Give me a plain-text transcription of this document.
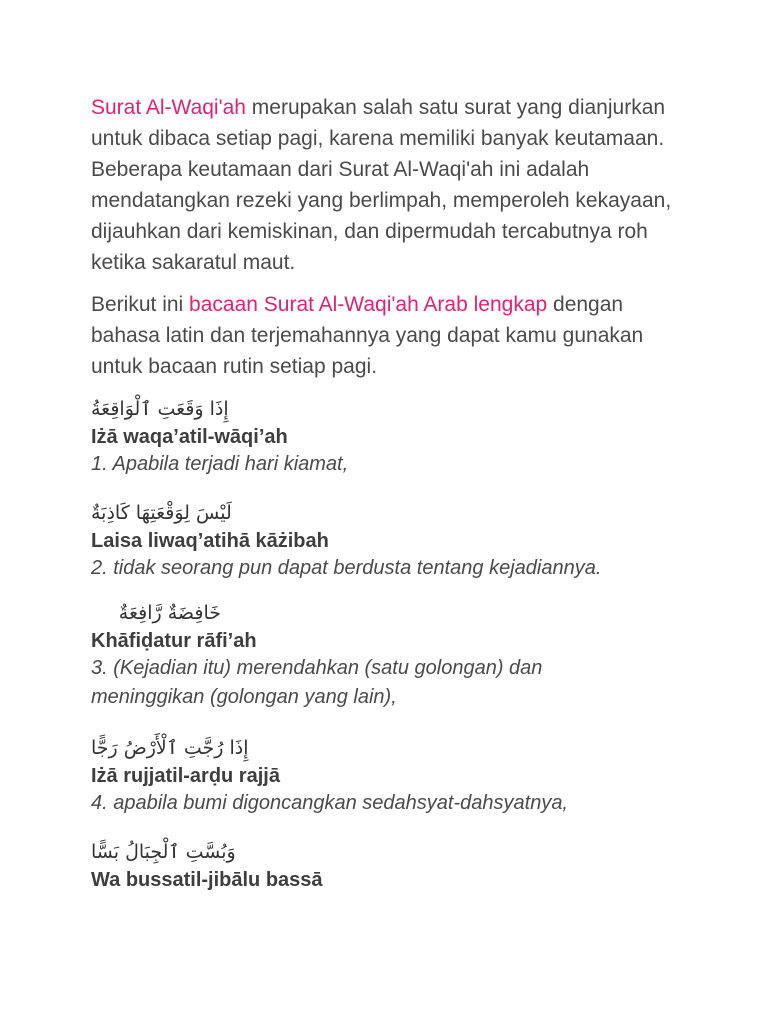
Surat Al-Waqi'ah merupakan salah satu surat yang dianjurkan untuk dibaca setiap pagi, karena memiliki banyak keutamaan. Beberapa keutamaan dari Surat Al-Waqi'ah ini adalah mendatangkan rezeki yang berlimpah, memperoleh kekayaan, dijauhkan dari kemiskinan, dan dipermudah tercabutnya roh ketika sakaratul maut.

Berikut ini bacaan Surat Al-Waqi'ah Arab lengkap dengan bahasa latin dan terjemahannya yang dapat kamu gunakan untuk bacaan rutin setiap pagi.

إِذَا وَقَعَتِ ٱلْوَاقِعَةُ
Iżā waqa’atil-wāqi’ah
1. Apabila terjadi hari kiamat,
لَيْسَ لِوَقْعَتِهَا كَاذِبَةٌ
Laisa liwaq’atihā kāżibah
2. tidak seorang pun dapat berdusta tentang kejadiannya.
خَافِضَةٌ رَّافِعَةٌ
Khāfiḍatur rāfi’ah
3. (Kejadian itu) merendahkan (satu golongan) dan meninggikan (golongan yang lain),
إِذَا رُجَّتِ ٱلْأَرْضُ رَجًّا
Iżā rujjatil-arḍu rajjā
4. apabila bumi digoncangkan sedahsyat-dahsyatnya,
وَبُسَّتِ ٱلْجِبَالُ بَسًّا
Wa bussatil-jibālu bassā
